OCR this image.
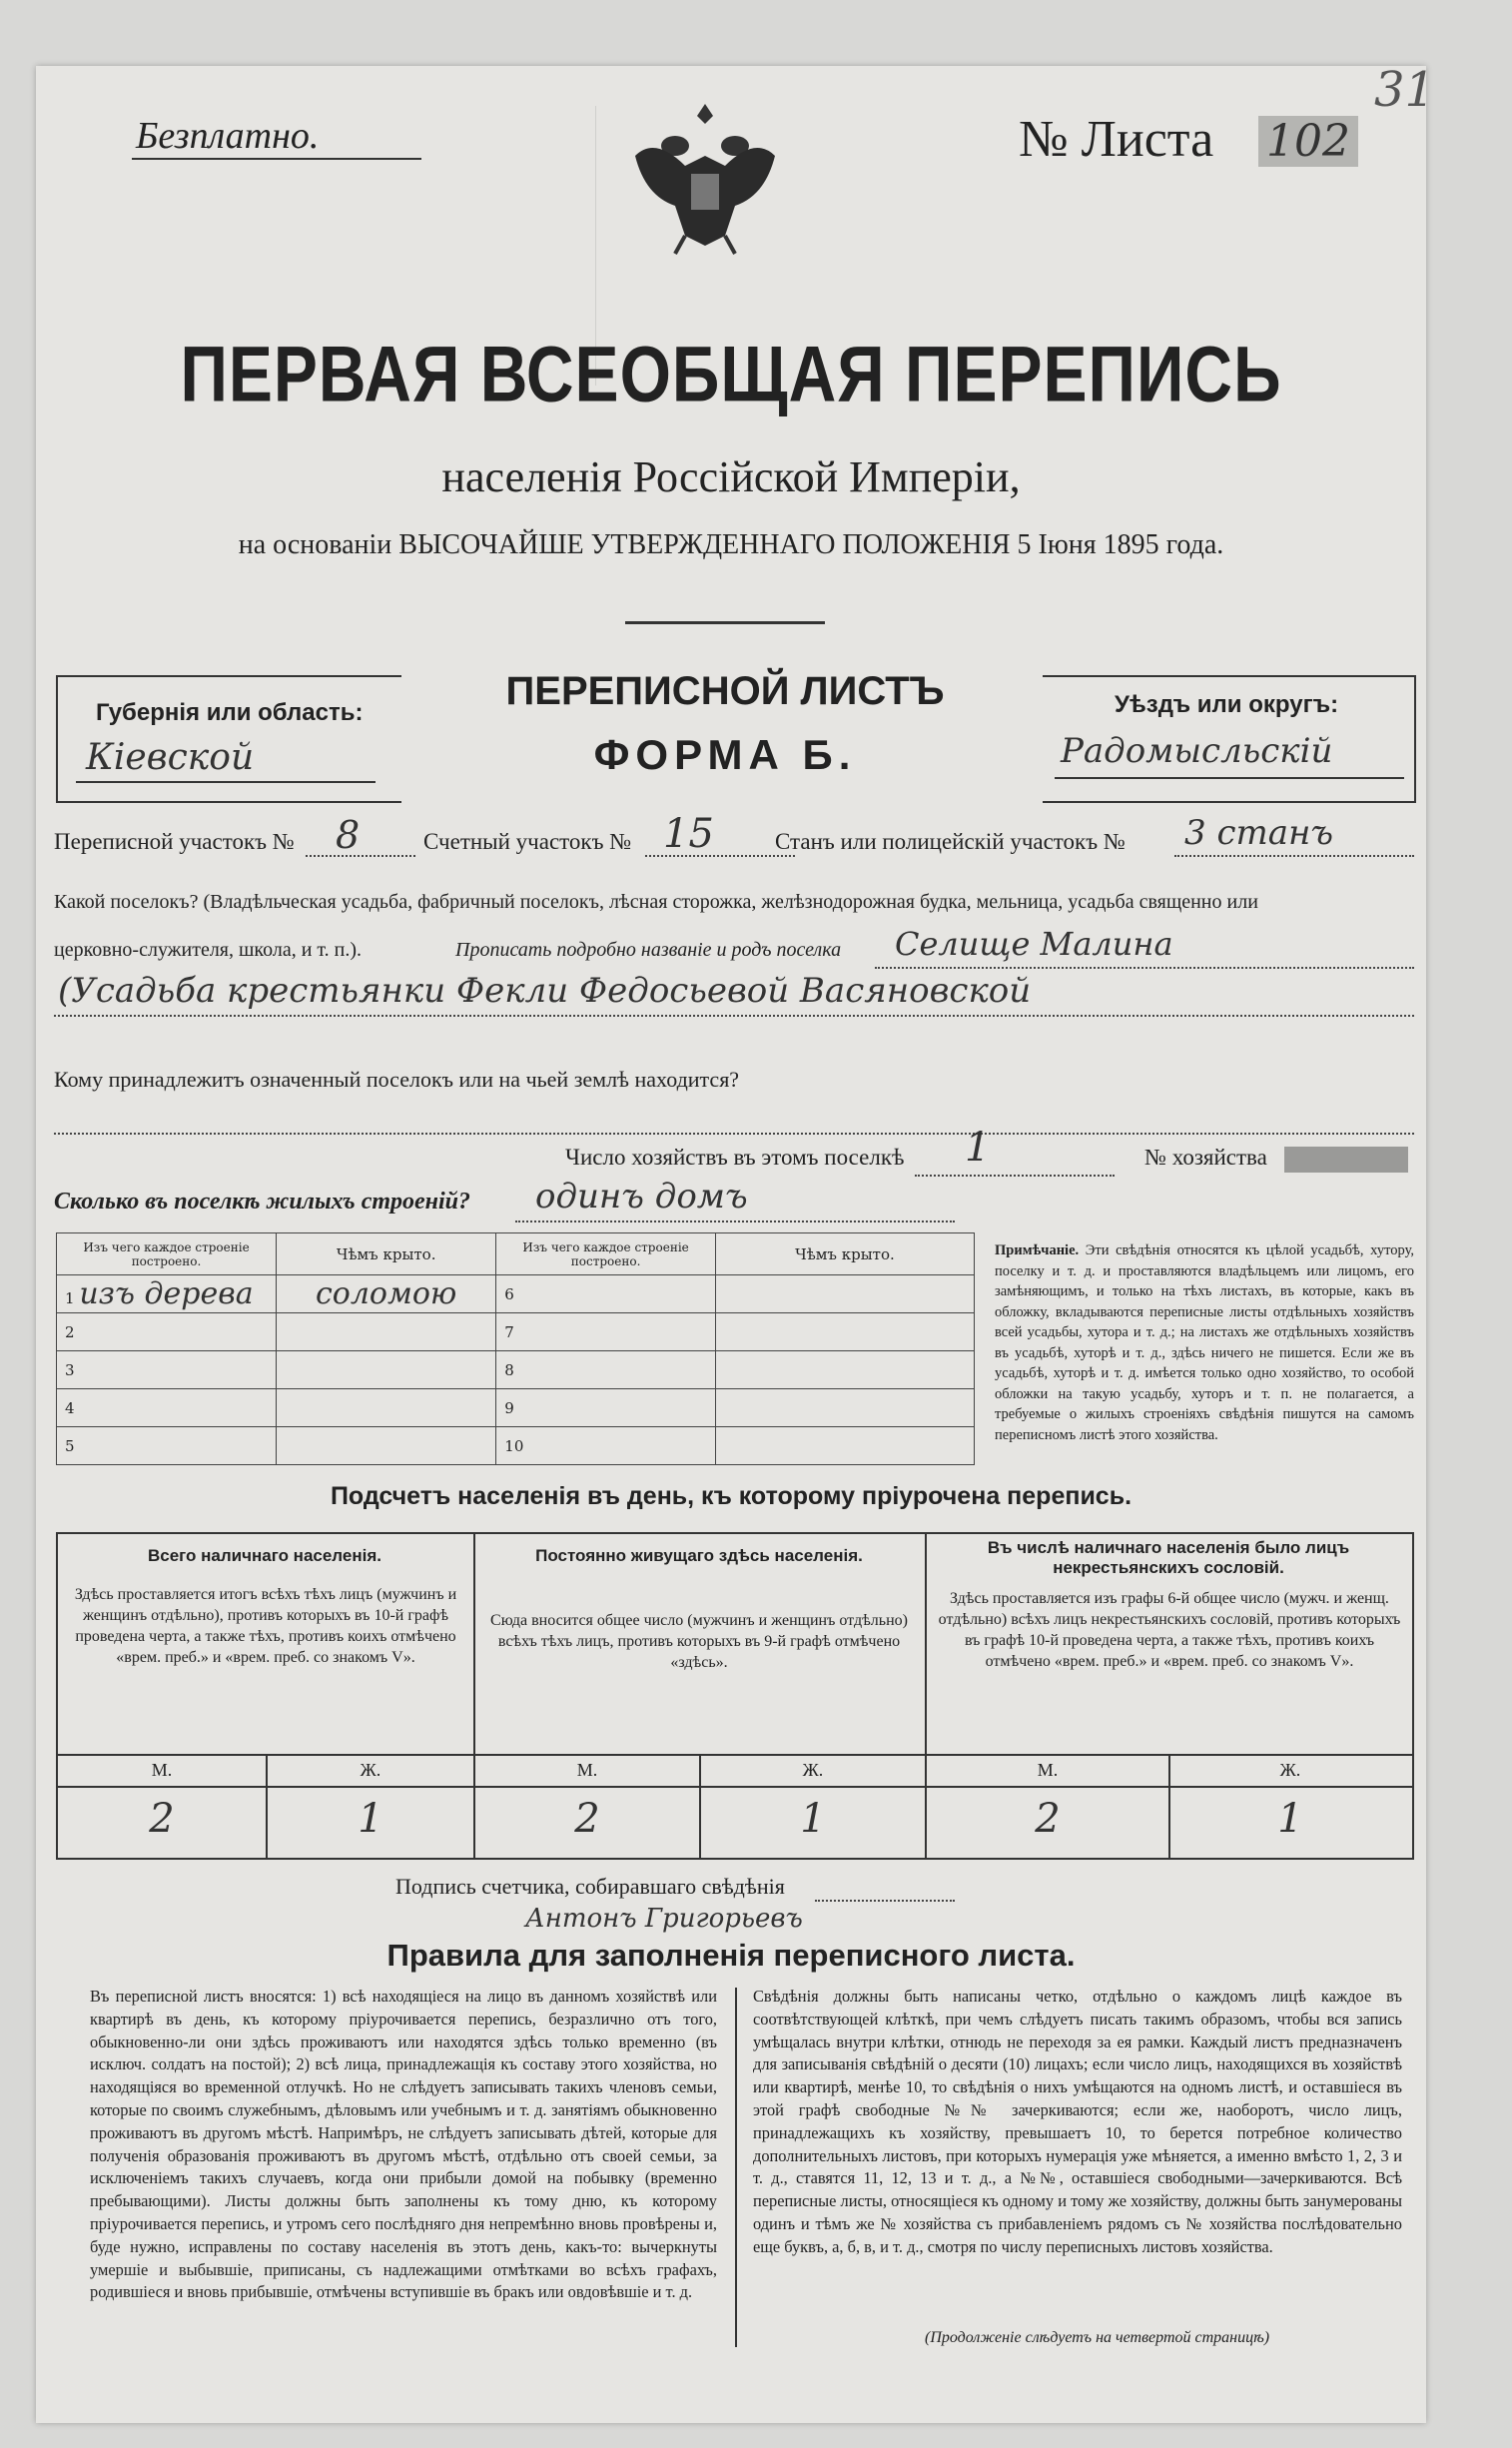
31
Безплатно.	№ Листа 102
ПЕРВАЯ ВСЕОБЩАЯ ПЕРЕПИСЬ
населенія Россійской Имперіи,
на основаніи ВЫСОЧАЙШЕ УТВЕРЖДЕННАГО ПОЛОЖЕНІЯ 5 Іюня 1895 года.
Губернія или область:
Кіевской
ПЕРЕПИСНОЙ ЛИСТЪ
ФОРМА Б.
Уѣздъ или округъ:
Радомысльскій
Переписной участокъ № 8	Счетный участокъ № 15	Станъ или полицейскій участокъ № 3 станъ
Какой поселокъ? (Владѣльческая усадьба, фабричный поселокъ, лѣсная сторожка, желѣзнодорожная будка, мельница, усадьба священно или
церковно-служителя, школа, и т. п.).	Прописать подробно названіе и родъ поселка Селище Малина
(Усадьба крестьянки Фекли Федосьевой Васяновской
Кому принадлежитъ означенный поселокъ или на чьей землѣ находится?
Число хозяйствъ въ этомъ поселкѣ 1	№ хозяйства
Сколько въ поселкѣ жилыхъ строеній? одинъ домъ
Изъ чего каждое строеніе построено.	Чѣмъ крыто.	Изъ чего каждое строеніе построено.	Чѣмъ крыто.
1 изъ дерева	соломою	6	
2		7	
3		8	
4		9	
5		10	
Примѣчаніе. Эти свѣдѣнія относятся къ цѣлой усадьбѣ, хутору, поселку и т. д. и проставляются владѣльцемъ или лицомъ, его замѣняющимъ, и только на тѣхъ листахъ, въ которые, какъ въ обложку, вкладываются переписные листы отдѣльныхъ хозяйствъ всей усадьбы, хутора и т. д.; на листахъ же отдѣльныхъ хозяйствъ въ усадьбѣ, хуторѣ и т. д., здѣсь ничего не пишется. Если же въ усадьбѣ, хуторѣ и т. д. имѣется только одно хозяйство, то особой обложки на такую усадьбу, хуторъ и т. п. не полагается, а требуемые о жилыхъ строеніяхъ свѣдѣнія пишутся на самомъ переписномъ листѣ этого хозяйства.
Подсчетъ населенія въ день, къ которому пріурочена перепись.
Всего наличнаго населенія.
Здѣсь проставляется итогъ всѣхъ тѣхъ лицъ (мужчинъ и женщинъ отдѣльно), противъ которыхъ въ 10-й графѣ проведена черта, а также тѣхъ, противъ коихъ отмѣчено «врем. преб.» и «врем. преб. со знакомъ V».
Постоянно живущаго здѣсь населенія.
Сюда вносится общее число (мужчинъ и женщинъ отдѣльно) всѣхъ тѣхъ лицъ, противъ которыхъ въ 9-й графѣ отмѣчено «здѣсь».
Въ числѣ наличнаго населенія было лицъ некрестьянскихъ сословій.
Здѣсь проставляется изъ графы 6-й общее число (мужч. и женщ. отдѣльно) всѣхъ лицъ некрестьянскихъ сословій, противъ которыхъ въ графѣ 10-й проведена черта, а также тѣхъ, противъ коихъ отмѣчено «врем. преб.» и «врем. преб. со знакомъ V».
М.	Ж.	М.	Ж.	М.	Ж.
2	1	2	1	2	1
Подпись счетчика, собиравшаго свѣдѣнія
Антонъ Григорьевъ
Правила для заполненія переписного листа.
Въ переписной листъ вносятся: 1) всѣ находящіеся на лицо въ данномъ хозяйствѣ или квартирѣ въ день, къ которому пріурочивается перепись, безразлично отъ того, обыкновенно-ли они здѣсь проживаютъ или находятся здѣсь только временно (въ исключ. солдатъ на постой); 2) всѣ лица, принадлежащія къ составу этого хозяйства, но находящіяся во временной отлучкѣ. Но не слѣдуетъ записывать такихъ членовъ семьи, которые по своимъ служебнымъ, дѣловымъ или учебнымъ и т. д. занятіямъ обыкновенно проживаютъ въ другомъ мѣстѣ. Напримѣръ, не слѣдуетъ записывать дѣтей, которые для полученія образованія проживаютъ въ другомъ мѣстѣ, отдѣльно отъ своей семьи, за исключеніемъ такихъ случаевъ, когда они прибыли домой на побывку (временно пребывающими). Листы должны быть заполнены къ тому дню, къ которому пріурочивается перепись, и утромъ сего послѣдняго дня непремѣнно вновь провѣрены и, буде нужно, исправлены по составу населенія въ этотъ день, какъ-то: вычеркнуты умершіе и выбывшіе, приписаны, съ надлежащими отмѣтками во всѣхъ графахъ, родившіеся и вновь прибывшіе, отмѣчены вступившіе въ бракъ или овдовѣвшіе и т. д.
Свѣдѣнія должны быть написаны четко, отдѣльно о каждомъ лицѣ каждое въ соотвѣтствующей клѣткѣ, при чемъ слѣдуетъ писать такимъ образомъ, чтобы вся запись умѣщалась внутри клѣтки, отнюдь не переходя за ея рамки. Каждый листъ предназначенъ для записыванія свѣдѣній о десяти (10) лицахъ; если число лицъ, находящихся въ хозяйствѣ или квартирѣ, менѣе 10, то свѣдѣнія о нихъ умѣщаются на одномъ листѣ, и оставшіеся въ этой графѣ свободные №№ зачеркиваются; если же, наоборотъ, число лицъ, принадлежащихъ къ хозяйству, превышаетъ 10, то берется потребное количество дополнительныхъ листовъ, при которыхъ нумерація уже мѣняется, а именно вмѣсто 1, 2, 3 и т. д., ставятся 11, 12, 13 и т. д., а №№, оставшіеся свободными—зачеркиваются. Всѣ переписные листы, относящіеся къ одному и тому же хозяйству, должны быть занумерованы одинъ и тѣмъ же № хозяйства съ прибавленіемъ рядомъ съ № хозяйства послѣдовательно еще буквъ, а, б, в, и т. д., смотря по числу переписныхъ листовъ хозяйства.
(Продолженіе слѣдуетъ на четвертой страницѣ)
